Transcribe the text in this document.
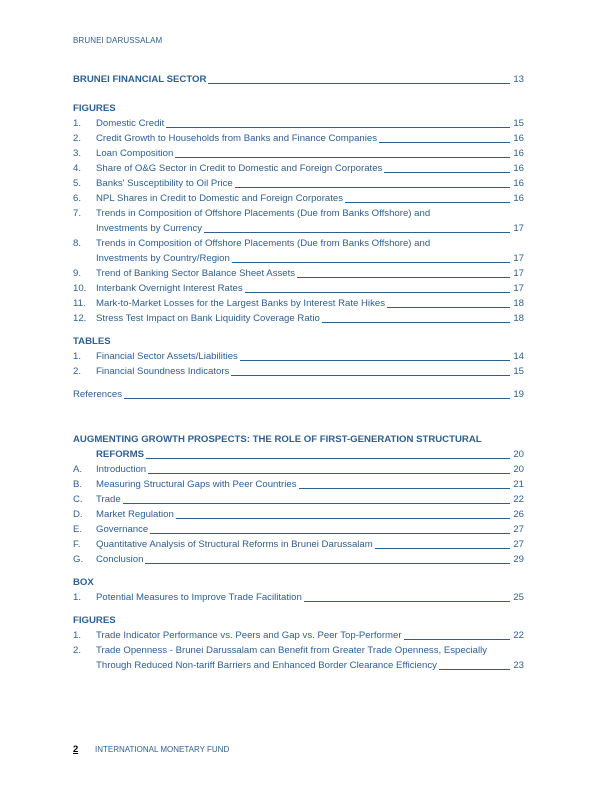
BRUNEI DARUSSALAM
BRUNEI FINANCIAL SECTOR	13
FIGURES
1.	Domestic Credit	15
2.	Credit Growth to Households from Banks and Finance Companies	16
3.	Loan Composition	16
4.	Share of O&G Sector in Credit to Domestic and Foreign Corporates	16
5.	Banks' Susceptibility to Oil Price	16
6.	NPL Shares in Credit to Domestic and Foreign Corporates	16
7.	Trends in Composition of Offshore Placements (Due from Banks Offshore) and
Investments by Currency	17
8.	Trends in Composition of Offshore Placements (Due from Banks Offshore) and
Investments by Country/Region	17
9.	Trend of Banking Sector Balance Sheet Assets	17
10.	Interbank Overnight Interest Rates	17
11.	Mark-to-Market Losses for the Largest Banks by Interest Rate Hikes	18
12.	Stress Test Impact on Bank Liquidity Coverage Ratio	18
TABLES
1.	Financial Sector Assets/Liabilities	14
2.	Financial Soundness Indicators	15
References	19
AUGMENTING GROWTH PROSPECTS: THE ROLE OF FIRST-GENERATION STRUCTURAL
REFORMS	20
A.	Introduction	20
B.	Measuring Structural Gaps with Peer Countries	21
C.	Trade	22
D.	Market Regulation	26
E.	Governance	27
F.	Quantitative Analysis of Structural Reforms in Brunei Darussalam	27
G.	Conclusion	29
BOX
1.	Potential Measures to Improve Trade Facilitation	25
FIGURES
1.	Trade Indicator Performance vs. Peers and Gap vs. Peer Top-Performer	22
2.	Trade Openness - Brunei Darussalam can Benefit from Greater Trade Openness, Especially
Through Reduced Non-tariff Barriers and Enhanced Border Clearance Efficiency	23
2	INTERNATIONAL MONETARY FUND
